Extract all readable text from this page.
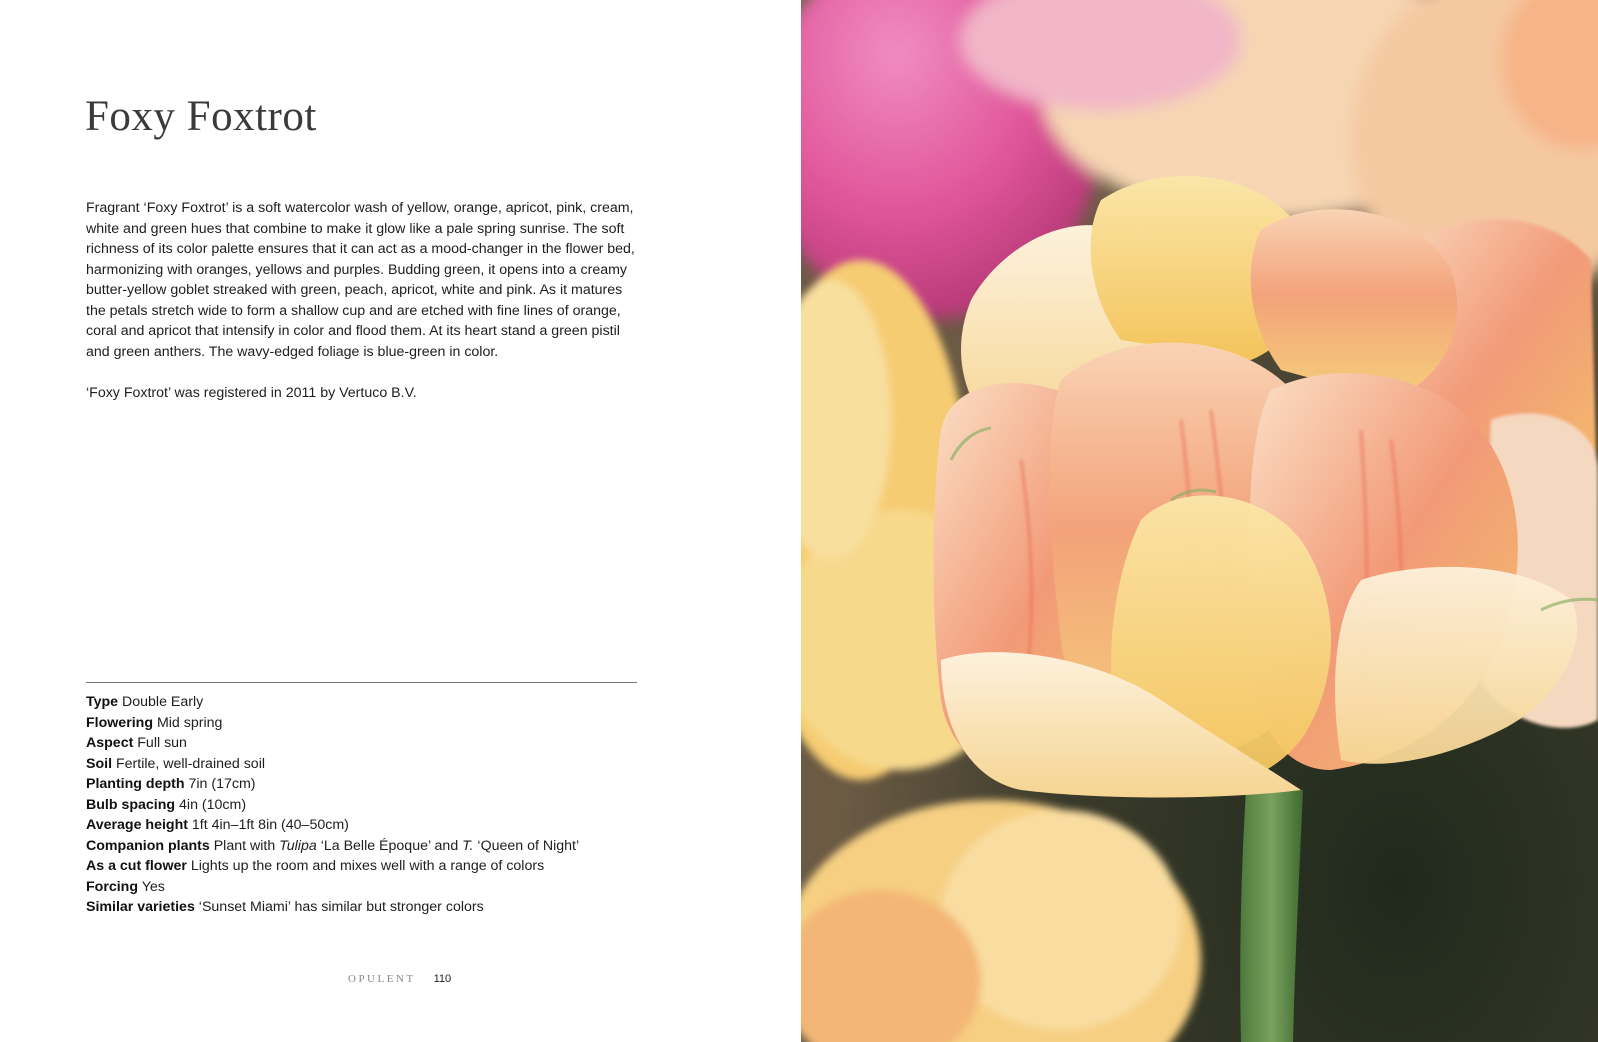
Foxy Foxtrot

Fragrant ‘Foxy Foxtrot’ is a soft watercolor wash of yellow, orange, apricot, pink, cream, white and green hues that combine to make it glow like a pale spring sunrise. The soft richness of its color palette ensures that it can act as a mood-changer in the flower bed, harmonizing with oranges, yellows and purples. Budding green, it opens into a creamy butter-yellow goblet streaked with green, peach, apricot, white and pink. As it matures the petals stretch wide to form a shallow cup and are etched with fine lines of orange, coral and apricot that intensify in color and flood them. At its heart stand a green pistil and green anthers. The wavy-edged foliage is blue-green in color.

‘Foxy Foxtrot’ was registered in 2011 by Vertuco B.V.

Type Double Early
Flowering Mid spring
Aspect Full sun
Soil Fertile, well-drained soil
Planting depth 7in (17cm)
Bulb spacing 4in (10cm)
Average height 1ft 4in–1ft 8in (40–50cm)
Companion plants Plant with Tulipa ‘La Belle Époque’ and T. ‘Queen of Night’
As a cut flower Lights up the room and mixes well with a range of colors
Forcing Yes
Similar varieties ‘Sunset Miami’ has similar but stronger colors
OPULENT 110
